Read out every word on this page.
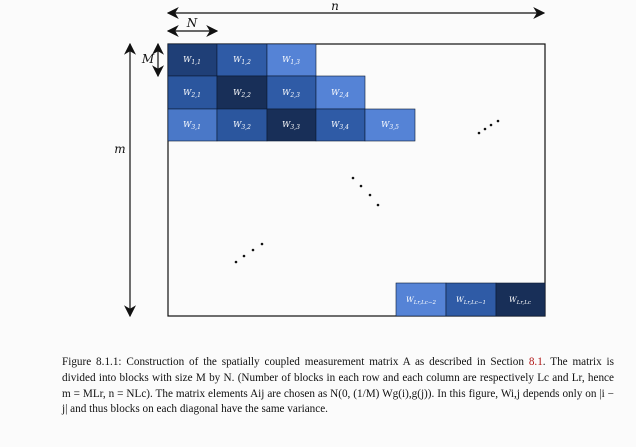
n
N
M
m
$W_{1,1}$	$W_{1,2}$	$W_{1,3}$
$W_{2,1}$	$W_{2,2}$	$W_{2,3}$	$W_{2,4}$
$W_{3,1}$	$W_{3,2}$	$W_{3,3}$	$W_{3,4}$	$W_{3,5}$
$W_{Lr,Lc-2}$	$W_{Lr,Lc-1}$	$W_{Lr,Lc}$
Figure 8.1.1: Construction of the spatially coupled measurement matrix A as described in Section 8.1. The matrix is divided into blocks with size M by N. (Number of blocks in each row and each column are respectively Lc and Lr, hence m = MLr, n = NLc). The matrix elements Aij are chosen as N(0, (1/M) Wg(i),g(j)). In this figure, Wi,j depends only on |i − j| and thus blocks on each diagonal have the same variance.
